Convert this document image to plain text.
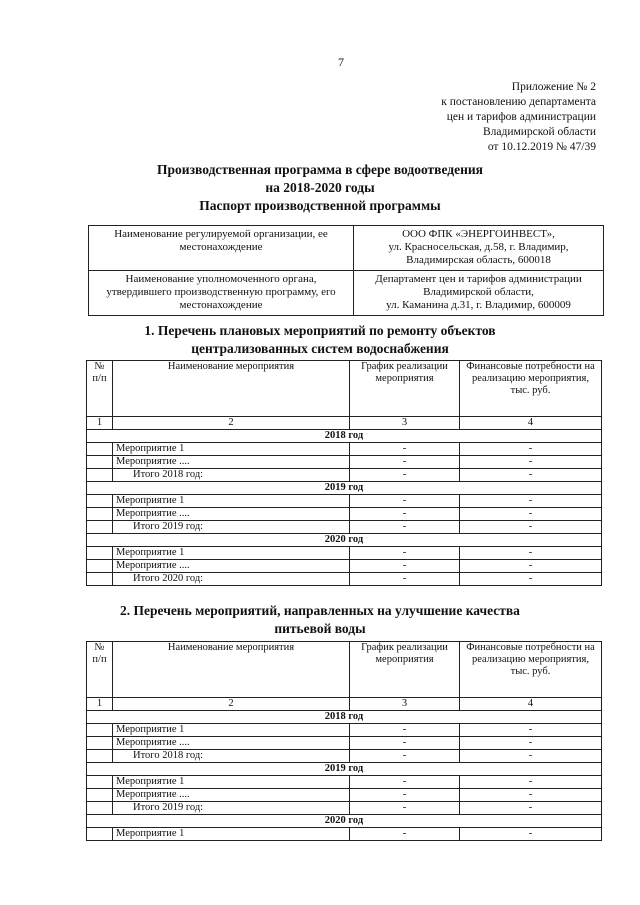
7
Приложение № 2
к постановлению департамента
цен и тарифов администрации
Владимирской области
от 10.12.2019 № 47/39
Производственная программа в сфере водоотведения
на 2018-2020 годы
Паспорт производственной программы
Наименование регулируемой организации, ее местонахождение	ООО ФПК «ЭНЕРГОИНВЕСТ»,
ул. Красносельская, д.58, г. Владимир,
Владимирская область, 600018

Наименование уполномоченного органа, утвердившего производственную программу, его местонахождение	Департамент цен и тарифов администрации
Владимирской области,
ул. Каманина д.31, г. Владимир, 600009
1. Перечень плановых мероприятий по ремонту объектов
централизованных систем водоснабжения
№ п/п	Наименование мероприятия	График реализации мероприятия	Финансовые потребности на реализацию мероприятия, тыс. руб.
1	2	3	4
2018 год			
	Мероприятие 1	-	-
	Мероприятие ....	-	-
	Итого 2018 год:	-	-
2019 год			
	Мероприятие 1	-	-
	Мероприятие ....	-	-
	Итого 2019 год:	-	-
2020 год			
	Мероприятие 1	-	-
	Мероприятие ....	-	-
	Итого 2020 год:	-	-
2. Перечень мероприятий, направленных на улучшение качества
питьевой воды
№ п/п	Наименование мероприятия	График реализации мероприятия	Финансовые потребности на реализацию мероприятия, тыс. руб.
1	2	3	4
2018 год			
	Мероприятие 1	-	-
	Мероприятие ....	-	-
	Итого 2018 год:	-	-
2019 год			
	Мероприятие 1	-	-
	Мероприятие ....	-	-
	Итого 2019 год:	-	-
2020 год			
	Мероприятие 1	-	-
